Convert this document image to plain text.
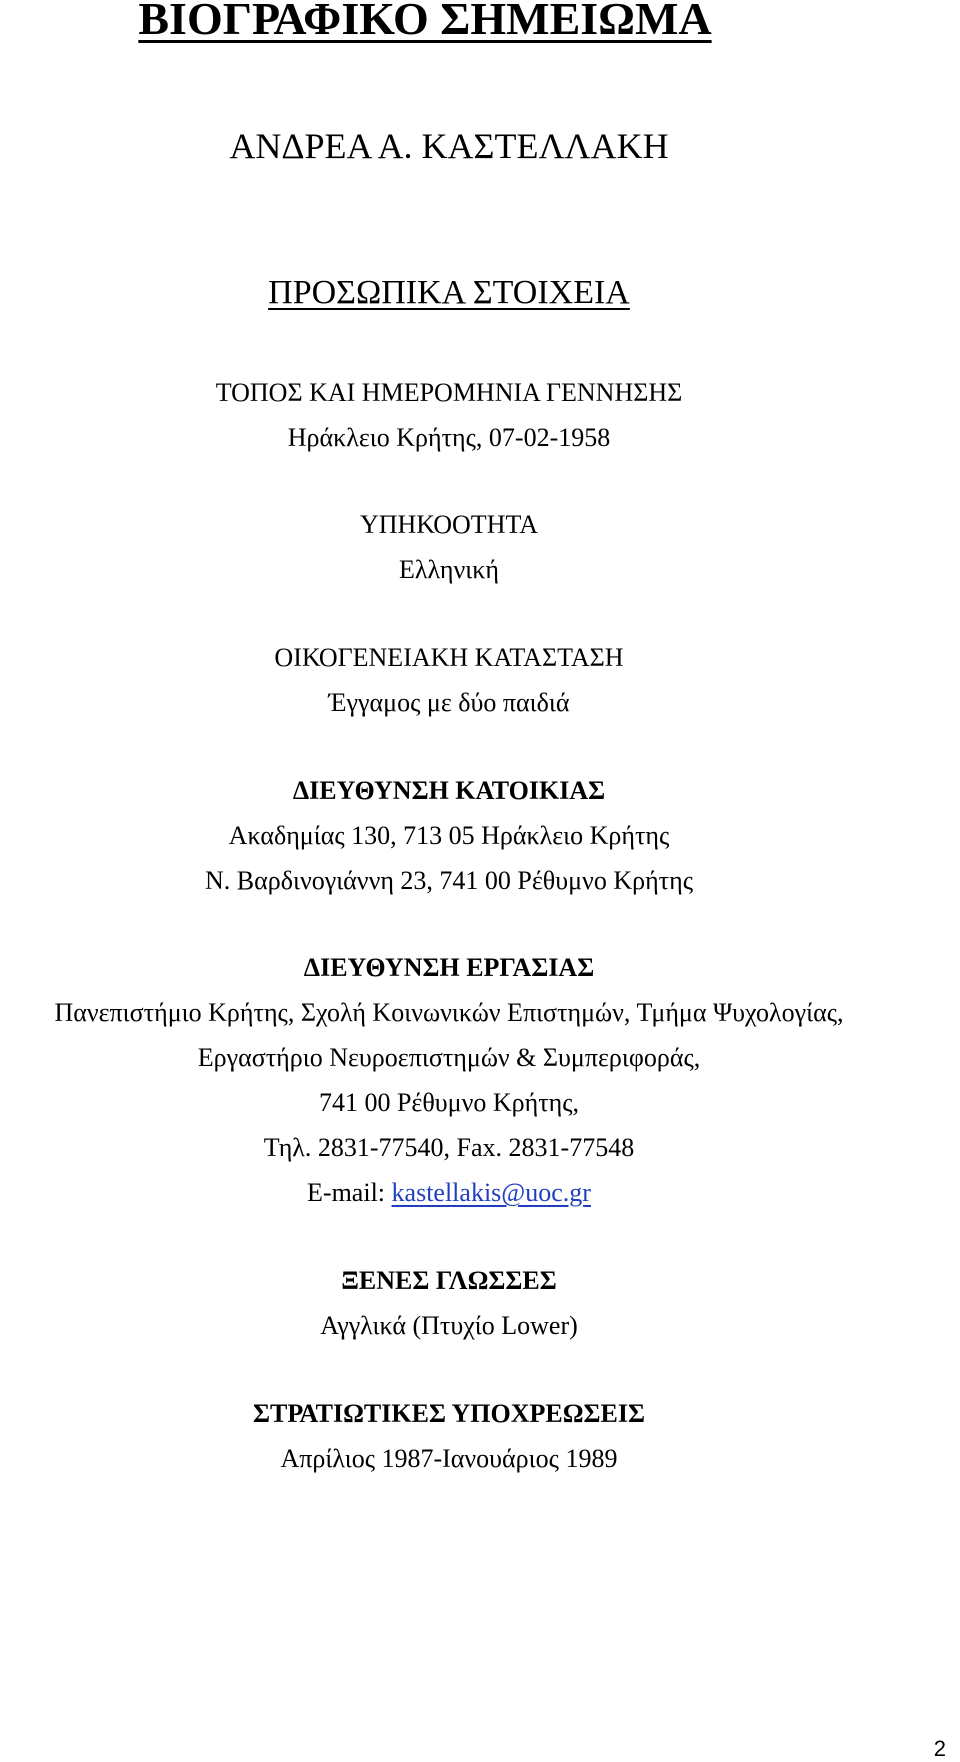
ΒΙΟΓΡΑΦΙΚΟ ΣΗΜΕΙΩΜΑ
ΑΝΔΡΕΑ Α. ΚΑΣΤΕΛΛΑΚΗ
ΠΡΟΣΩΠΙΚΑ ΣΤΟΙΧΕΙΑ
ΤΟΠΟΣ ΚΑΙ ΗΜΕΡΟΜΗΝΙΑ ΓΕΝΝΗΣΗΣ
Ηράκλειο Κρήτης, 07-02-1958
ΥΠΗΚΟΟΤΗΤΑ
Ελληνική
ΟΙΚΟΓΕΝΕΙΑΚΗ ΚΑΤΑΣΤΑΣΗ
Έγγαμος με δύο παιδιά
ΔΙΕΥΘΥΝΣΗ ΚΑΤΟΙΚΙΑΣ
Ακαδημίας 130, 713 05 Ηράκλειο Κρήτης
Ν. Βαρδινογιάννη 23, 741 00 Ρέθυμνο Κρήτης
ΔΙΕΥΘΥΝΣΗ ΕΡΓΑΣΙΑΣ
Πανεπιστήμιο Κρήτης, Σχολή Κοινωνικών Επιστημών, Τμήμα Ψυχολογίας,
Εργαστήριο Νευροεπιστημών & Συμπεριφοράς,
741 00 Ρέθυμνο Κρήτης,
Τηλ. 2831-77540, Fax. 2831-77548
E-mail: kastellakis@uoc.gr
ΞΕΝΕΣ ΓΛΩΣΣΕΣ
Αγγλικά (Πτυχίο Lower)
ΣΤΡΑΤΙΩΤΙΚΕΣ ΥΠΟΧΡΕΩΣΕΙΣ
Απρίλιος 1987-Ιανουάριος 1989
2
